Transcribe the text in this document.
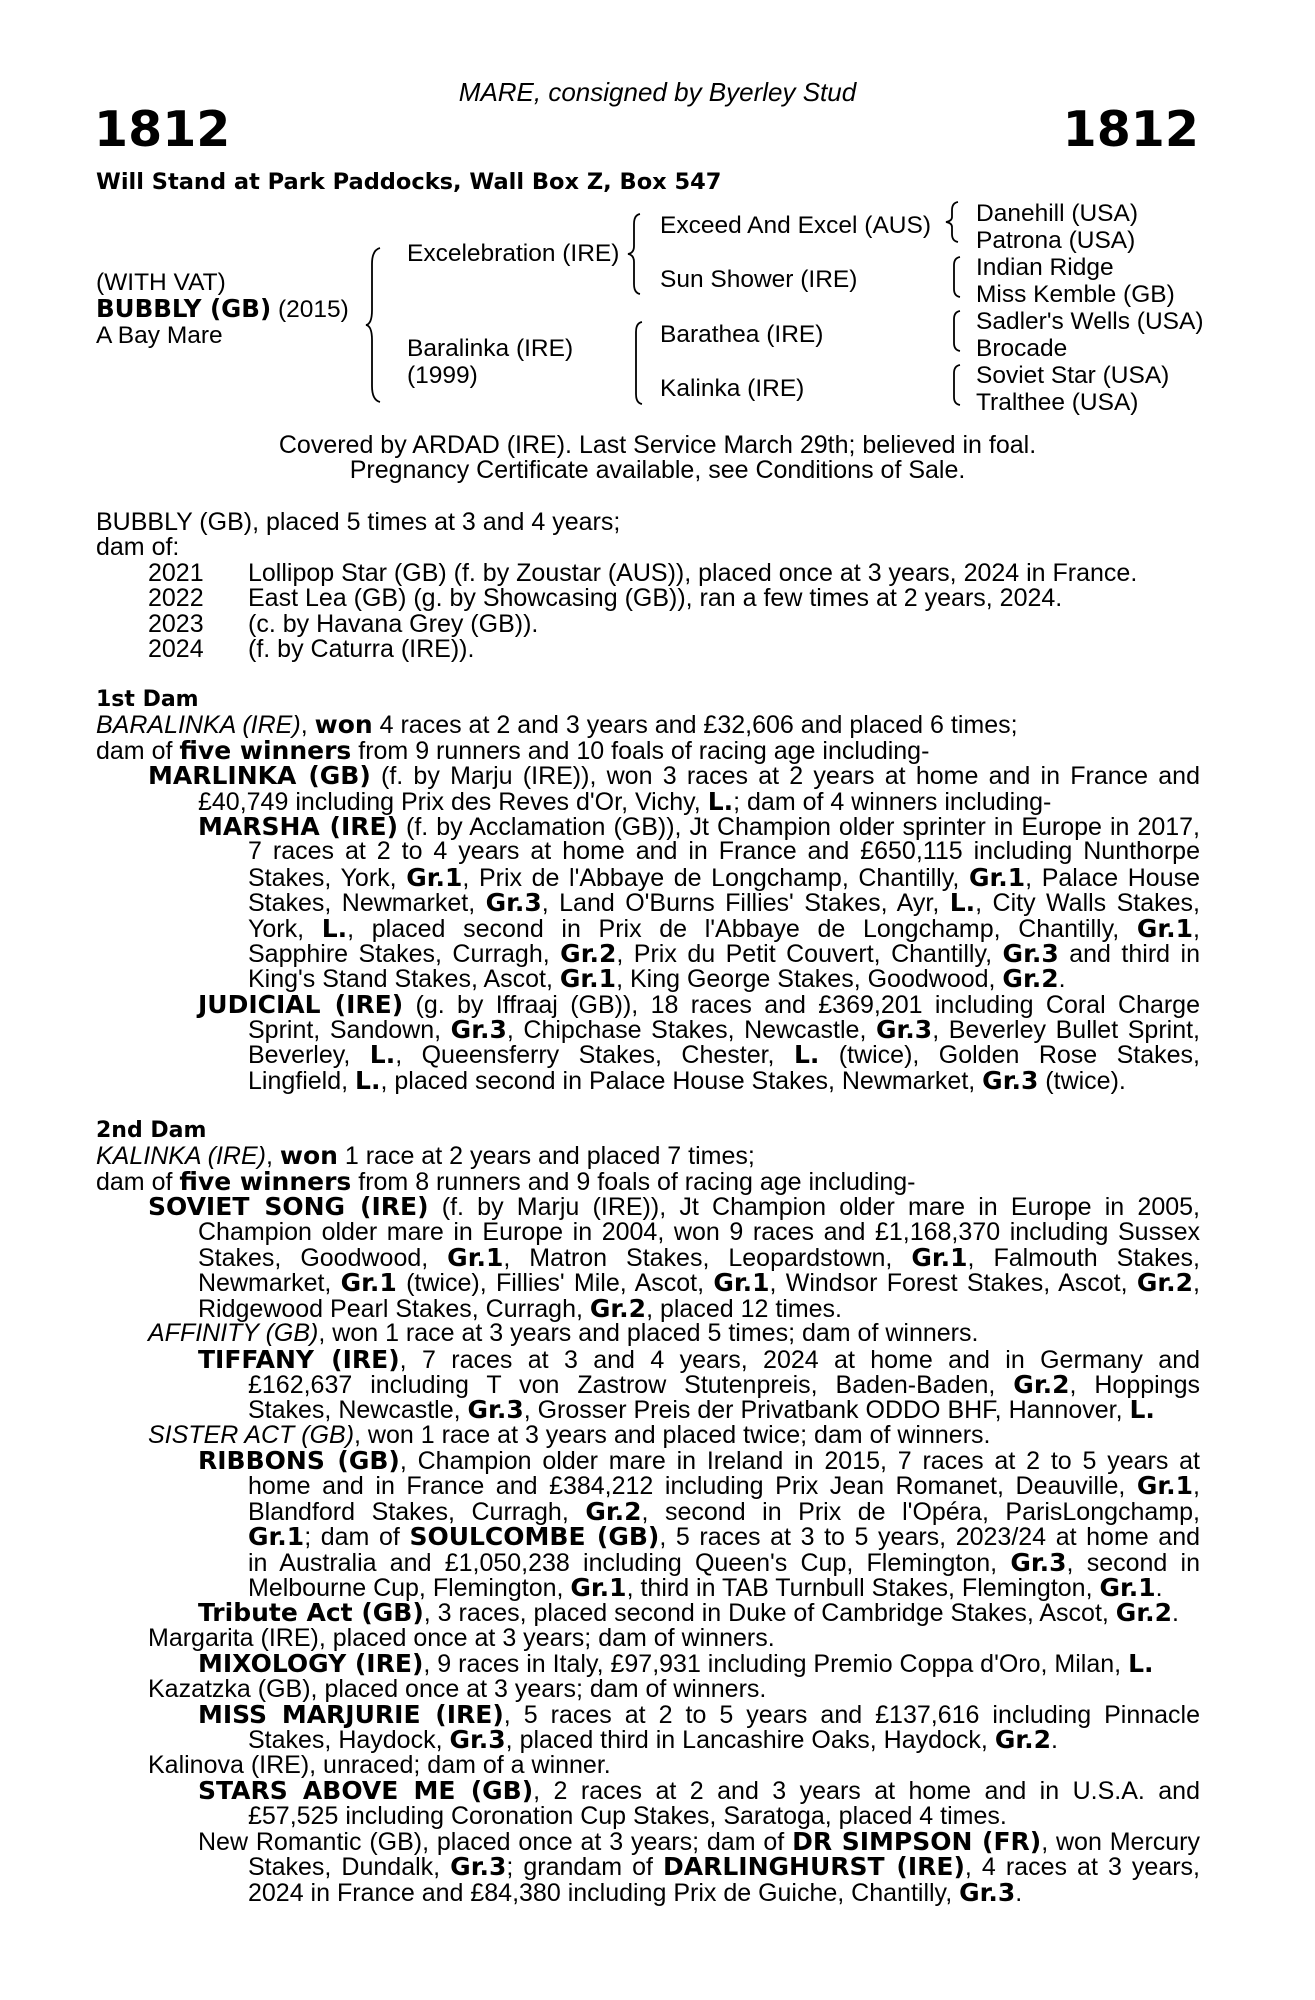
MARE, consigned by Byerley Stud
1812	1812
Will Stand at Park Paddocks, Wall Box Z, Box 547
(WITH VAT)
BUBBLY (GB) (2015)
A Bay Mare
Excelebration (IRE)
Baralinka (IRE)
(1999)
Exceed And Excel (AUS)
Sun Shower (IRE)
Barathea (IRE)
Kalinka (IRE)
Danehill (USA)
Patrona (USA)
Indian Ridge
Miss Kemble (GB)
Sadler's Wells (USA)
Brocade
Soviet Star (USA)
Tralthee (USA)
Covered by ARDAD (IRE). Last Service March 29th; believed in foal.
Pregnancy Certificate available, see Conditions of Sale.
BUBBLY (GB), placed 5 times at 3 and 4 years;
dam of:
2021 Lollipop Star (GB) (f. by Zoustar (AUS)), placed once at 3 years, 2024 in France.
2022 East Lea (GB) (g. by Showcasing (GB)), ran a few times at 2 years, 2024.
2023 (c. by Havana Grey (GB)).
2024 (f. by Caturra (IRE)).
1st Dam
BARALINKA (IRE), won 4 races at 2 and 3 years and £32,606 and placed 6 times;
dam of five winners from 9 runners and 10 foals of racing age including-
MARLINKA (GB) (f. by Marju (IRE)), won 3 races at 2 years at home and in France and
£40,749 including Prix des Reves d'Or, Vichy, L.; dam of 4 winners including-
MARSHA (IRE) (f. by Acclamation (GB)), Jt Champion older sprinter in Europe in 2017,
7 races at 2 to 4 years at home and in France and £650,115 including Nunthorpe
Stakes, York, Gr.1, Prix de l'Abbaye de Longchamp, Chantilly, Gr.1, Palace House
Stakes, Newmarket, Gr.3, Land O'Burns Fillies' Stakes, Ayr, L., City Walls Stakes,
York, L., placed second in Prix de l'Abbaye de Longchamp, Chantilly, Gr.1,
Sapphire Stakes, Curragh, Gr.2, Prix du Petit Couvert, Chantilly, Gr.3 and third in
King's Stand Stakes, Ascot, Gr.1, King George Stakes, Goodwood, Gr.2.
JUDICIAL (IRE) (g. by Iffraaj (GB)), 18 races and £369,201 including Coral Charge
Sprint, Sandown, Gr.3, Chipchase Stakes, Newcastle, Gr.3, Beverley Bullet Sprint,
Beverley, L., Queensferry Stakes, Chester, L. (twice), Golden Rose Stakes,
Lingfield, L., placed second in Palace House Stakes, Newmarket, Gr.3 (twice).
2nd Dam
KALINKA (IRE), won 1 race at 2 years and placed 7 times;
dam of five winners from 8 runners and 9 foals of racing age including-
SOVIET SONG (IRE) (f. by Marju (IRE)), Jt Champion older mare in Europe in 2005,
Champion older mare in Europe in 2004, won 9 races and £1,168,370 including Sussex
Stakes, Goodwood, Gr.1, Matron Stakes, Leopardstown, Gr.1, Falmouth Stakes,
Newmarket, Gr.1 (twice), Fillies' Mile, Ascot, Gr.1, Windsor Forest Stakes, Ascot, Gr.2,
Ridgewood Pearl Stakes, Curragh, Gr.2, placed 12 times.
AFFINITY (GB), won 1 race at 3 years and placed 5 times; dam of winners.
TIFFANY (IRE), 7 races at 3 and 4 years, 2024 at home and in Germany and
£162,637 including T von Zastrow Stutenpreis, Baden-Baden, Gr.2, Hoppings
Stakes, Newcastle, Gr.3, Grosser Preis der Privatbank ODDO BHF, Hannover, L.
SISTER ACT (GB), won 1 race at 3 years and placed twice; dam of winners.
RIBBONS (GB), Champion older mare in Ireland in 2015, 7 races at 2 to 5 years at
home and in France and £384,212 including Prix Jean Romanet, Deauville, Gr.1,
Blandford Stakes, Curragh, Gr.2, second in Prix de l'Opéra, ParisLongchamp,
Gr.1; dam of SOULCOMBE (GB), 5 races at 3 to 5 years, 2023/24 at home and
in Australia and £1,050,238 including Queen's Cup, Flemington, Gr.3, second in
Melbourne Cup, Flemington, Gr.1, third in TAB Turnbull Stakes, Flemington, Gr.1.
Tribute Act (GB), 3 races, placed second in Duke of Cambridge Stakes, Ascot, Gr.2.
Margarita (IRE), placed once at 3 years; dam of winners.
MIXOLOGY (IRE), 9 races in Italy, £97,931 including Premio Coppa d'Oro, Milan, L.
Kazatzka (GB), placed once at 3 years; dam of winners.
MISS MARJURIE (IRE), 5 races at 2 to 5 years and £137,616 including Pinnacle
Stakes, Haydock, Gr.3, placed third in Lancashire Oaks, Haydock, Gr.2.
Kalinova (IRE), unraced; dam of a winner.
STARS ABOVE ME (GB), 2 races at 2 and 3 years at home and in U.S.A. and
£57,525 including Coronation Cup Stakes, Saratoga, placed 4 times.
New Romantic (GB), placed once at 3 years; dam of DR SIMPSON (FR), won Mercury
Stakes, Dundalk, Gr.3; grandam of DARLINGHURST (IRE), 4 races at 3 years,
2024 in France and £84,380 including Prix de Guiche, Chantilly, Gr.3.
